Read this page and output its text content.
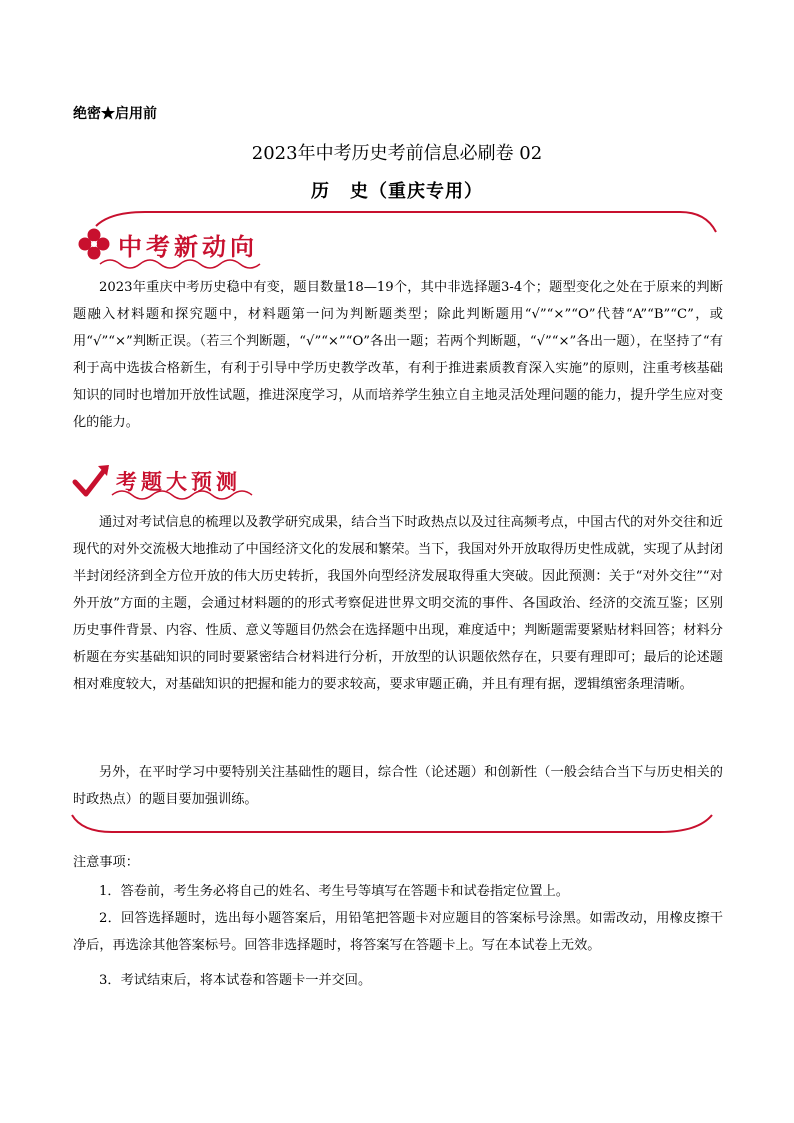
绝密★启用前
2023年中考历史考前信息必刷卷 02
历 史（重庆专用）
中考新动向
2023年重庆中考历史稳中有变，题目数量18—19个，其中非选择题3-4个；题型变化之处在于原来的判断题融入材料题和探究题中，材料题第一问为判断题类型；除此判断题用“√”“×”“O”代替“A”“B”“C”，或用“√”“×”判断正误。（若三个判断题，“√”“×”“O”各出一题；若两个判断题，“√”“×”各出一题），在坚持了“有利于高中选拔合格新生，有利于引导中学历史教学改革，有利于推进素质教育深入实施”的原则，注重考核基础知识的同时也增加开放性试题，推进深度学习，从而培养学生独立自主地灵活处理问题的能力，提升学生应对变化的能力。
考题大预测
通过对考试信息的梳理以及教学研究成果，结合当下时政热点以及过往高频考点，中国古代的对外交往和近现代的对外交流极大地推动了中国经济文化的发展和繁荣。当下，我国对外开放取得历史性成就，实现了从封闭半封闭经济到全方位开放的伟大历史转折，我国外向型经济发展取得重大突破。因此预测：关于“对外交往”“对外开放”方面的主题，会通过材料题的的形式考察促进世界文明交流的事件、各国政治、经济的交流互鉴；区别历史事件背景、内容、性质、意义等题目仍然会在选择题中出现，难度适中；判断题需要紧贴材料回答；材料分析题在夯实基础知识的同时要紧密结合材料进行分析，开放型的认识题依然存在，只要有理即可；最后的论述题相对难度较大，对基础知识的把握和能力的要求较高，要求审题正确，并且有理有据，逻辑缜密条理清晰。
另外，在平时学习中要特别关注基础性的题目，综合性（论述题）和创新性（一般会结合当下与历史相关的时政热点）的题目要加强训练。
注意事项：
1．答卷前，考生务必将自己的姓名、考生号等填写在答题卡和试卷指定位置上。
2．回答选择题时，选出每小题答案后，用铅笔把答题卡对应题目的答案标号涂黑。如需改动，用橡皮擦干净后，再选涂其他答案标号。回答非选择题时，将答案写在答题卡上。写在本试卷上无效。
3．考试结束后，将本试卷和答题卡一并交回。
